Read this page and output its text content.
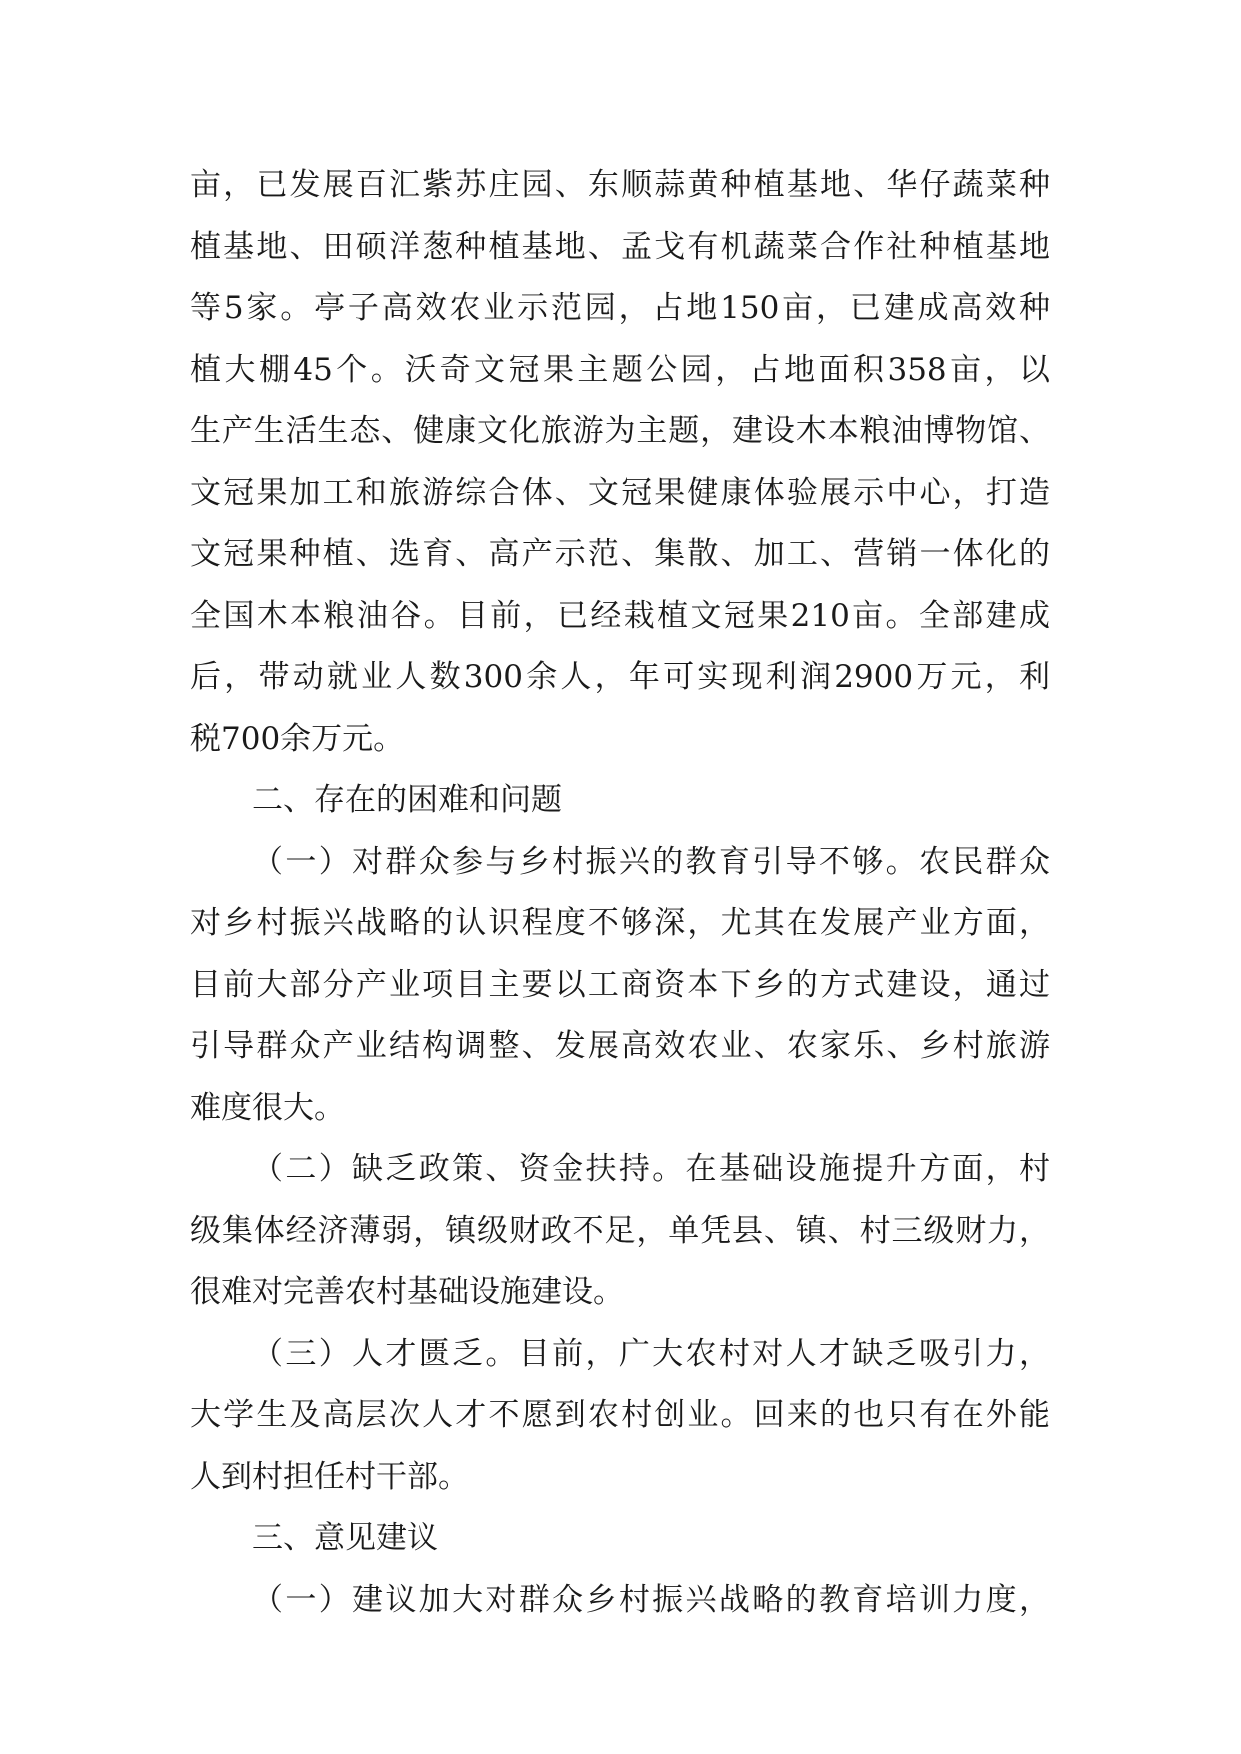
亩，已发展百汇紫苏庄园、东顺蒜黄种植基地、华仔蔬菜种
植基地、田硕洋葱种植基地、孟戈有机蔬菜合作社种植基地
等5家。亭子高效农业示范园，占地150亩，已建成高效种
植大棚45个。沃奇文冠果主题公园，占地面积358亩，以
生产生活生态、健康文化旅游为主题，建设木本粮油博物馆、
文冠果加工和旅游综合体、文冠果健康体验展示中心，打造
文冠果种植、选育、高产示范、集散、加工、营销一体化的
全国木本粮油谷。目前，已经栽植文冠果210亩。全部建成
后，带动就业人数300余人，年可实现利润2900万元，利
税700余万元。
二、存在的困难和问题
（一）对群众参与乡村振兴的教育引导不够。农民群众
对乡村振兴战略的认识程度不够深，尤其在发展产业方面，
目前大部分产业项目主要以工商资本下乡的方式建设，通过
引导群众产业结构调整、发展高效农业、农家乐、乡村旅游
难度很大。
（二）缺乏政策、资金扶持。在基础设施提升方面，村
级集体经济薄弱，镇级财政不足，单凭县、镇、村三级财力，
很难对完善农村基础设施建设。
（三）人才匮乏。目前，广大农村对人才缺乏吸引力，
大学生及高层次人才不愿到农村创业。回来的也只有在外能
人到村担任村干部。
三、意见建议
（一）建议加大对群众乡村振兴战略的教育培训力度，
